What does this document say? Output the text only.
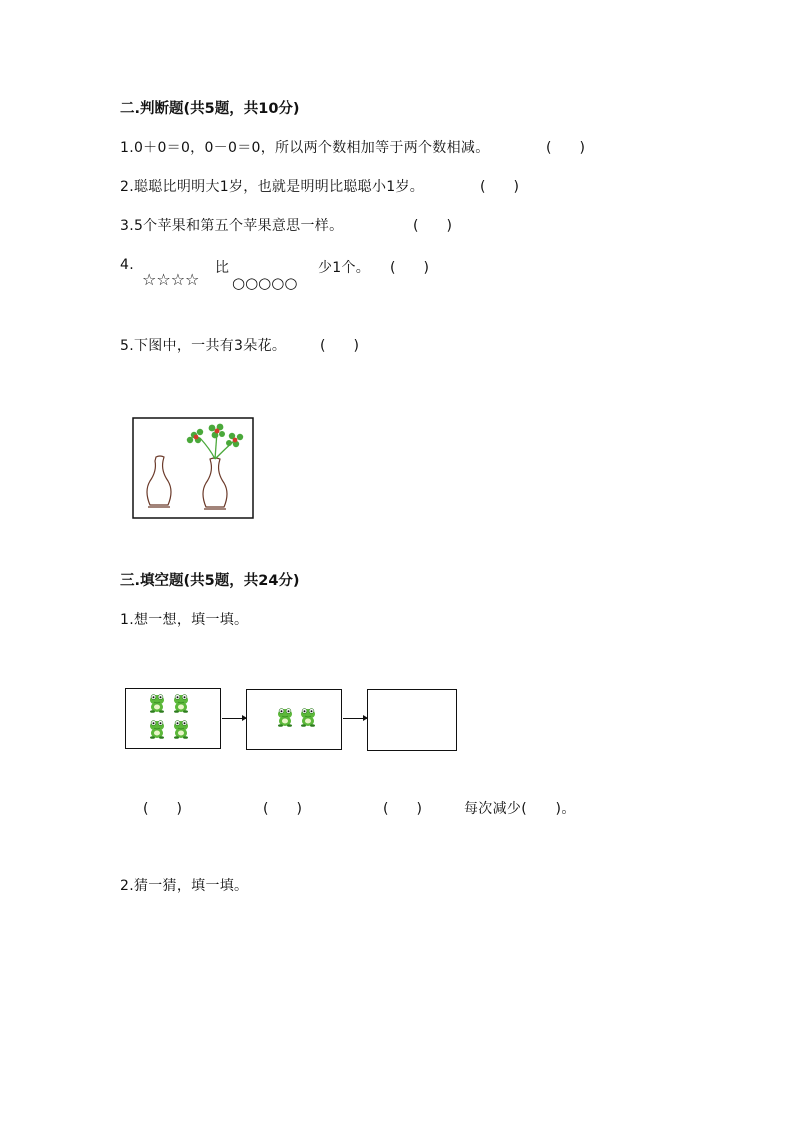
二.判断题(共5题，共10分)
1.0＋0＝0，0－0＝0，所以两个数相加等于两个数相减。	(　　)
2.聪聪比明明大1岁，也就是明明比聪聪小1岁。	(　　)
3.5个苹果和第五个苹果意思一样。	(　　)
4.
☆☆☆☆
比
○○○○○
少1个。 (　　)
5.下图中，一共有3朵花。 (　　)
三.填空题(共5题，共24分)
1.想一想，填一填。
(　　)	(　　)	(　　)	每次减少(　　)。
2.猜一猜，填一填。
